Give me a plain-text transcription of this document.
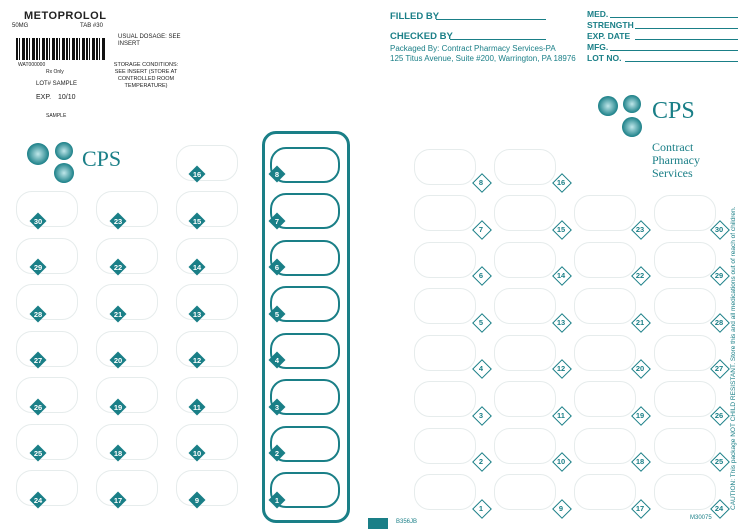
METOPROLOL
50MG	TAB #30
WAT000000
Rx Only
LOT# SAMPLE
EXP. 10/10
USUAL DOSAGE: SEE INSERT
STORAGE CONDITIONS: SEE INSERT (STORE AT CONTROLLED ROOM TEMPERATURE)
SAMPLE
FILLED BY
CHECKED BY
Packaged By: Contract Pharmacy Services-PA
125 Titus Avenue, Suite #200, Warrington, PA 18976
MED.
STRENGTH
EXP. DATE
MFG.
LOT NO.
CPS
CPS
Contract
Pharmacy
Services
30
29
28
27
26
25
24
23
22
21
20
19
18
17
16
15
14
13
12
11
10
9
8
7
6
5
4
3
2
1
8
7
6
5
4
3
2
1
16
15
14
13
12
11
10
9
23
22
21
20
19
18
17
30
29
28
27
26
25
24	CAUTION: This package NOT CHILD RESISTANT. Store this and all medications out of reach of children.
B356JB
M30075
